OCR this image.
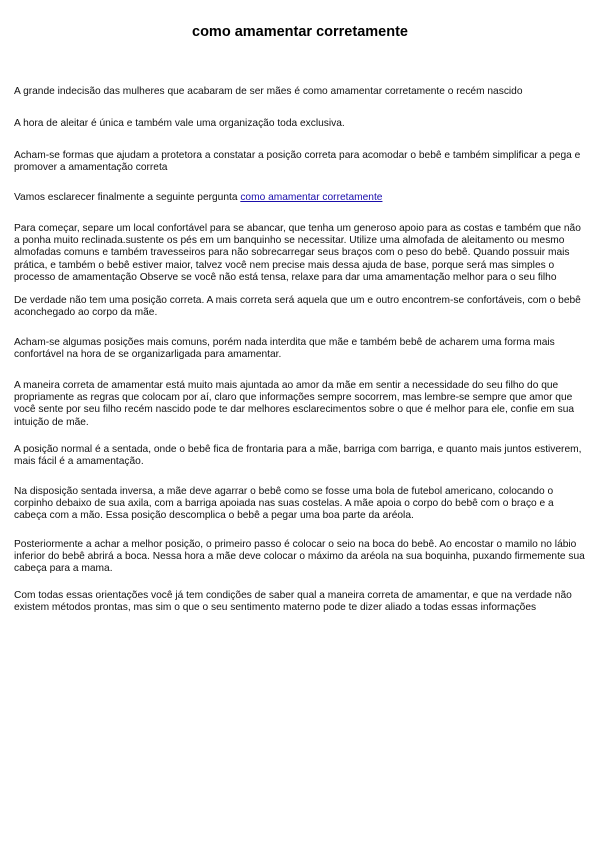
como amamentar corretamente

A grande indecisão das mulheres que acabaram de ser mães é como amamentar corretamente o recém nascido

A hora de aleitar é única e também vale uma organização toda exclusiva.

Acham-se formas que ajudam a protetora a constatar a posição correta para acomodar o bebê e também simplificar a pega e promover a amamentação correta

Vamos esclarecer finalmente a seguinte pergunta como amamentar corretamente

Para começar, separe um local confortável para se abancar, que tenha um generoso apoio para as costas e também que não a ponha muito reclinada.sustente os pés em um banquinho se necessitar. Utilize uma almofada de aleitamento ou mesmo almofadas comuns e também travesseiros para não sobrecarregar seus braços com o peso do bebê. Quando possuir mais prática, e também o bebê estiver maior, talvez você nem precise mais dessa ajuda de base, porque será mas simples o processo de amamentação Observe se você não está tensa, relaxe para dar uma amamentação melhor para o seu filho

De verdade não tem uma posição correta. A mais correta será aquela que um e outro encontrem-se confortáveis, com o bebê aconchegado ao corpo da mãe.

Acham-se algumas posições mais comuns, porém nada interdita que mãe e também bebê de acharem uma forma mais confortável na hora de se organizarligada para amamentar.

A maneira correta de amamentar está muito mais ajuntada ao amor da mãe em sentir a necessidade do seu filho do que propriamente as regras que colocam por aí, claro que informações sempre socorrem, mas lembre-se sempre que amor que você sente por seu filho recém nascido pode te dar melhores esclarecimentos sobre o que é melhor para ele, confie em sua intuição de mãe.

A posição normal é a sentada, onde o bebê fica de frontaria para a mãe, barriga com barriga, e quanto mais juntos estiverem, mais fácil é a amamentação.

Na disposição sentada inversa, a mãe deve agarrar o bebê como se fosse uma bola de futebol americano, colocando o corpinho debaixo de sua axila, com a barriga apoiada nas suas costelas. A mãe apoia o corpo do bebê com o braço e a cabeça com a mão. Essa posição descomplica o bebê a pegar uma boa parte da aréola.

Posteriormente a achar a melhor posição, o primeiro passo é colocar o seio na boca do bebê. Ao encostar o mamilo no lábio inferior do bebê abrirá a boca. Nessa hora a mãe deve colocar o máximo da aréola na sua boquinha, puxando firmemente sua cabeça para a mama.

Com todas essas orientações você já tem condições de saber qual a maneira correta de amamentar, e que na verdade não existem métodos prontas, mas sim o que o seu sentimento materno pode te dizer aliado a todas essas informações
